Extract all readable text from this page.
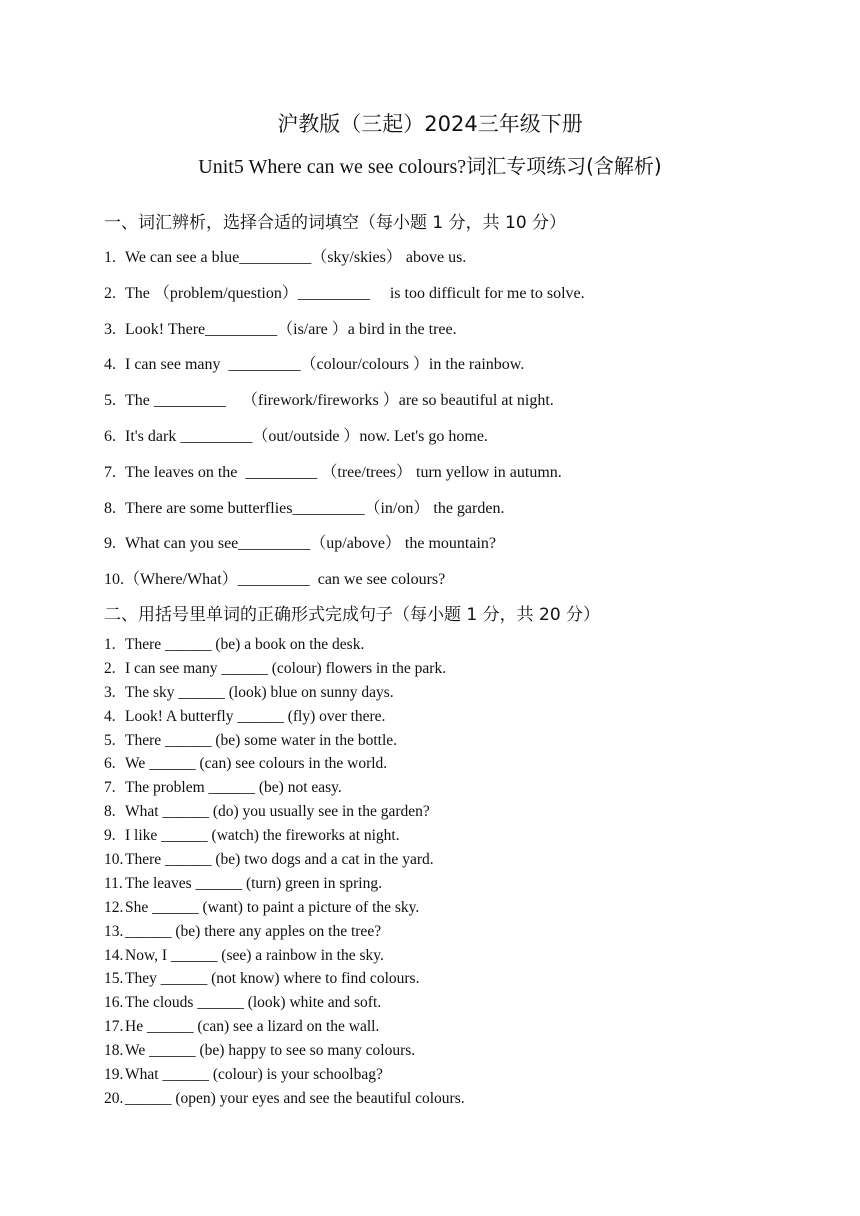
沪教版（三起）2024三年级下册
Unit5 Where can we see colours?词汇专项练习(含解析)
一、词汇辨析，选择合适的词填空（每小题 1 分，共 10 分）
1. We can see a blue_________（sky/skies） above us.
2. The （problem/question）_________     is too difficult for me to solve.
3. Look! There_________（is/are ）a bird in the tree.
4. I can see many  _________（colour/colours ）in the rainbow.
5. The _________    （firework/fireworks ）are so beautiful at night.
6. It's dark _________（out/outside ）now. Let's go home.
7. The leaves on the  _________ （tree/trees） turn yellow in autumn.
8. There are some butterflies_________（in/on） the garden.
9. What can you see_________（up/above） the mountain?
10.（Where/What）_________  can we see colours?
二、用括号里单词的正确形式完成句子（每小题 1 分，共 20 分）
1. There ______ (be) a book on the desk.
2. I can see many ______ (colour) flowers in the park.
3. The sky ______ (look) blue on sunny days.
4. Look! A butterfly ______ (fly) over there.
5. There ______ (be) some water in the bottle.
6. We ______ (can) see colours in the world.
7. The problem ______ (be) not easy.
8. What ______ (do) you usually see in the garden?
9. I like ______ (watch) the fireworks at night.
10. There ______ (be) two dogs and a cat in the yard.
11. The leaves ______ (turn) green in spring.
12. She ______ (want) to paint a picture of the sky.
13. ______ (be) there any apples on the tree?
14. Now, I ______ (see) a rainbow in the sky.
15. They ______ (not know) where to find colours.
16. The clouds ______ (look) white and soft.
17. He ______ (can) see a lizard on the wall.
18. We ______ (be) happy to see so many colours.
19. What ______ (colour) is your schoolbag?
20. ______ (open) your eyes and see the beautiful colours.
